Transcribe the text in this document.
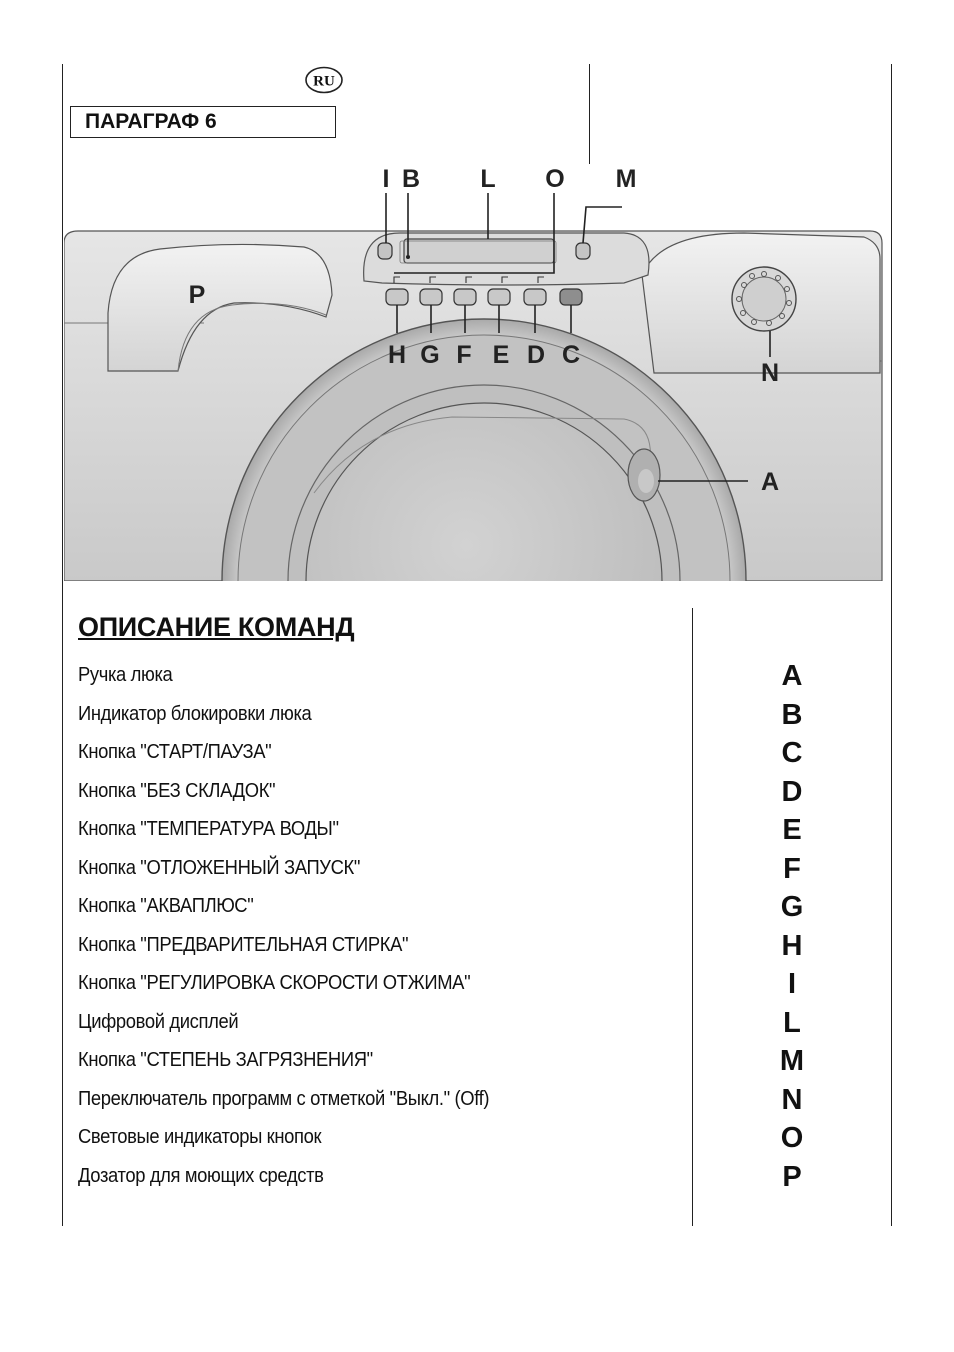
RU
ПАРАГРАФ 6
I B L O M
P
H G F E D C
N
A
ОПИСАНИЕ КОМАНД
Ручка люка	A
Индикатор блокировки люка	B
Кнопка "СТАРТ/ПАУЗА"	C
Кнопка "БЕЗ СКЛАДОК"	D
Кнопка "ТЕМПЕРАТУРА ВОДЫ"	E
Кнопка "ОТЛОЖЕННЫЙ ЗАПУСК"	F
Кнопка "АКВАПЛЮС"	G
Кнопка "ПРЕДВАРИТЕЛЬНАЯ СТИРКА"	H
Кнопка "РЕГУЛИРОВКА СКОРОСТИ ОТЖИМА"	I
Цифровой дисплей	L
Кнопка "СТЕПЕНЬ ЗАГРЯЗНЕНИЯ"	M
Переключатель программ с отметкой "Выкл." (Off)	N
Световые индикаторы кнопок	O
Дозатор для моющих средств	P
